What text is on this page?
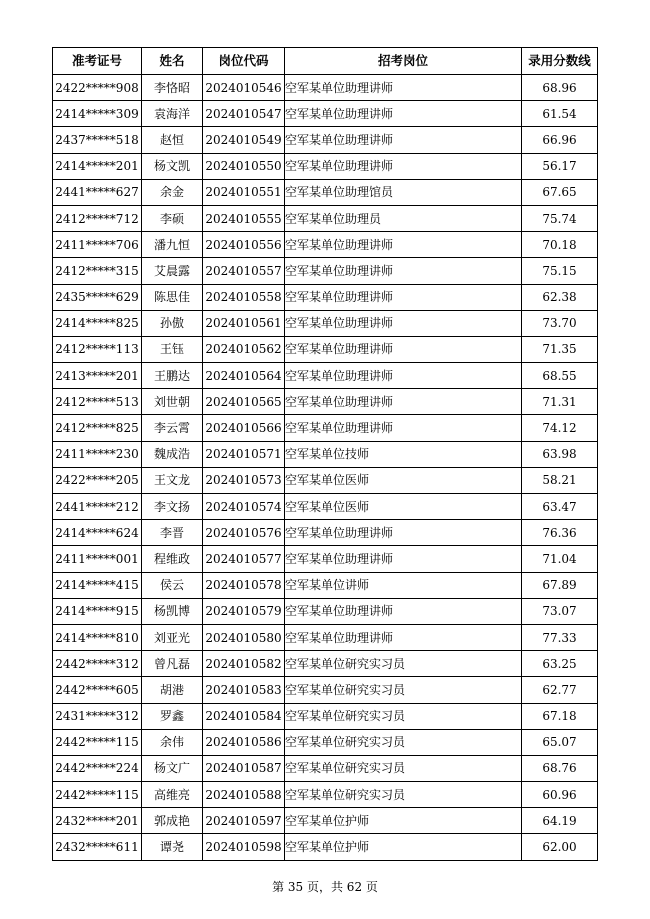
准考证号	姓名	岗位代码	招考岗位	录用分数线
2422*****908	李恪昭	2024010546	空军某单位助理讲师	68.96
2414*****309	袁海洋	2024010547	空军某单位助理讲师	61.54
2437*****518	赵恒	2024010549	空军某单位助理讲师	66.96
2414*****201	杨文凯	2024010550	空军某单位助理讲师	56.17
2441*****627	余金	2024010551	空军某单位助理馆员	67.65
2412*****712	李硕	2024010555	空军某单位助理员	75.74
2411*****706	潘九恒	2024010556	空军某单位助理讲师	70.18
2412*****315	艾晨露	2024010557	空军某单位助理讲师	75.15
2435*****629	陈思佳	2024010558	空军某单位助理讲师	62.38
2414*****825	孙傲	2024010561	空军某单位助理讲师	73.70
2412*****113	王钰	2024010562	空军某单位助理讲师	71.35
2413*****201	王鹏达	2024010564	空军某单位助理讲师	68.55
2412*****513	刘世朝	2024010565	空军某单位助理讲师	71.31
2412*****825	李云霄	2024010566	空军某单位助理讲师	74.12
2411*****230	魏成浩	2024010571	空军某单位技师	63.98
2422*****205	王文龙	2024010573	空军某单位医师	58.21
2441*****212	李文扬	2024010574	空军某单位医师	63.47
2414*****624	李晋	2024010576	空军某单位助理讲师	76.36
2411*****001	程维政	2024010577	空军某单位助理讲师	71.04
2414*****415	侯云	2024010578	空军某单位讲师	67.89
2414*****915	杨凯博	2024010579	空军某单位助理讲师	73.07
2414*****810	刘亚光	2024010580	空军某单位助理讲师	77.33
2442*****312	曾凡磊	2024010582	空军某单位研究实习员	63.25
2442*****605	胡港	2024010583	空军某单位研究实习员	62.77
2431*****312	罗鑫	2024010584	空军某单位研究实习员	67.18
2442*****115	余伟	2024010586	空军某单位研究实习员	65.07
2442*****224	杨文广	2024010587	空军某单位研究实习员	68.76
2442*****115	高维亮	2024010588	空军某单位研究实习员	60.96
2432*****201	郭成艳	2024010597	空军某单位护师	64.19
2432*****611	谭尧	2024010598	空军某单位护师	62.00
第 35 页，共 62 页
